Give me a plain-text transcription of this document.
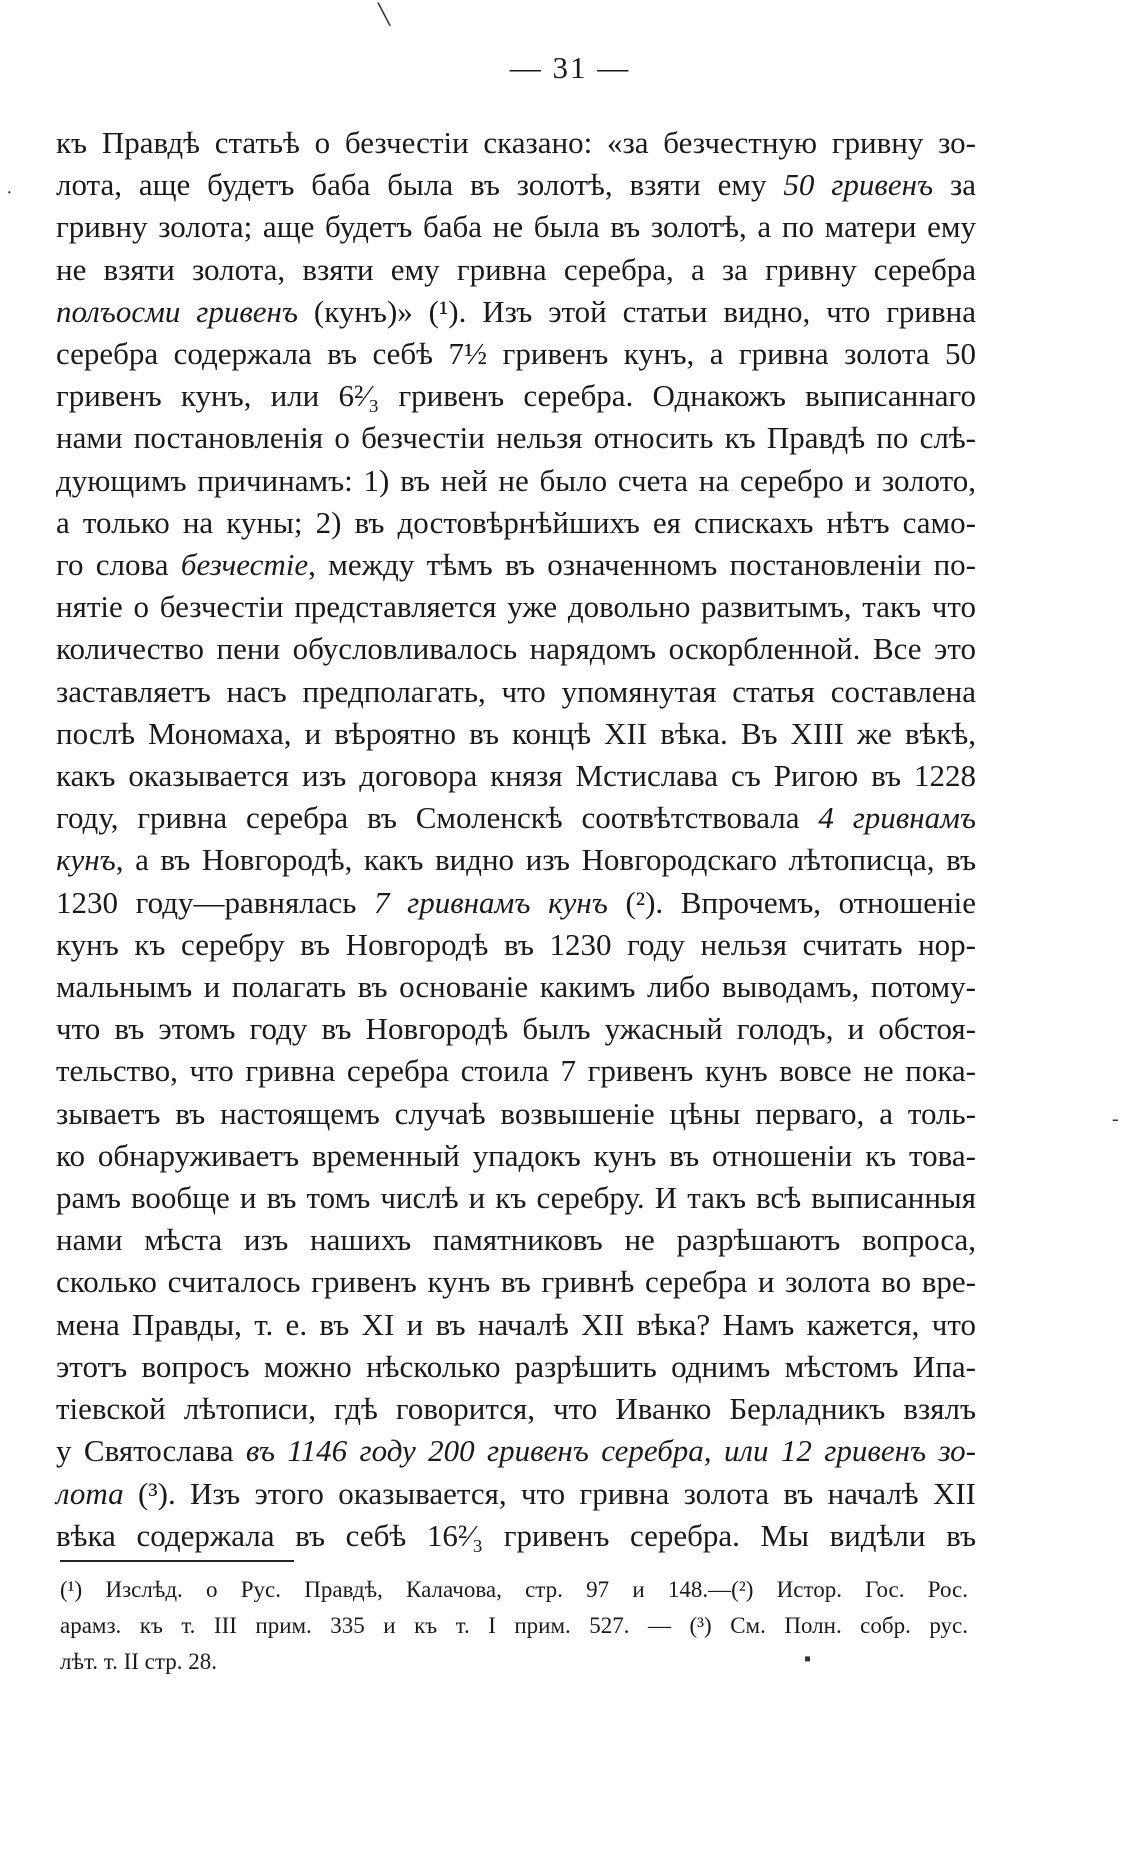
— 31 —
╲
·
-
▪
къ Правдѣ статьѣ о безчестіи сказано: «за безчестную гривну зо-
лота, аще будетъ баба была въ золотѣ, взяти ему 50 гривенъ за
гривну золота; аще будетъ баба не была въ золотѣ, а по матери ему
не взяти золота, взяти ему гривна серебра, а за гривну серебра
полъосми гривенъ (кунъ)» (¹). Изъ этой статьи видно, что гривна
серебра содержала въ себѣ 7½ гривенъ кунъ, а гривна золота 50
гривенъ кунъ, или 6²⁄₃ гривенъ серебра. Однакожъ выписаннаго
нами постановленія о безчестіи нельзя относить къ Правдѣ по слѣ-
дующимъ причинамъ: 1) въ ней не было счета на серебро и золото,
а только на куны; 2) въ достовѣрнѣйшихъ ея спискахъ нѣтъ само-
го слова безчестіе, между тѣмъ въ означенномъ постановленіи по-
нятіе о безчестіи представляется уже довольно развитымъ, такъ что
количество пени обусловливалось нарядомъ оскорбленной. Все это
заставляетъ насъ предполагать, что упомянутая статья составлена
послѣ Мономаха, и вѣроятно въ концѣ XII вѣка. Въ XIII же вѣкѣ,
какъ оказывается изъ договора князя Мстислава съ Ригою въ 1228
году, гривна серебра въ Смоленскѣ соотвѣтствовала 4 гривнамъ
кунъ, а въ Новгородѣ, какъ видно изъ Новгородскаго лѣтописца, въ
1230 году—равнялась 7 гривнамъ кунъ (²). Впрочемъ, отношеніе
кунъ къ серебру въ Новгородѣ въ 1230 году нельзя считать нор-
мальнымъ и полагать въ основаніе какимъ либо выводамъ, потому-
что въ этомъ году въ Новгородѣ былъ ужасный голодъ, и обстоя-
тельство, что гривна серебра стоила 7 гривенъ кунъ вовсе не пока-
зываетъ въ настоящемъ случаѣ возвышеніе цѣны перваго, а толь-
ко обнаруживаетъ временный упадокъ кунъ въ отношеніи къ това-
рамъ вообще и въ томъ числѣ и къ серебру. И такъ всѣ выписанныя
нами мѣста изъ нашихъ памятниковъ не разрѣшаютъ вопроса,
сколько считалось гривенъ кунъ въ гривнѣ серебра и золота во вре-
мена Правды, т. е. въ XI и въ началѣ XII вѣка? Намъ кажется, что
этотъ вопросъ можно нѣсколько разрѣшить однимъ мѣстомъ Ипа-
тіевской лѣтописи, гдѣ говорится, что Иванко Берладникъ взялъ
у Святослава въ 1146 году 200 гривенъ серебра, или 12 гривенъ зо-
лота (³). Изъ этого оказывается, что гривна золота въ началѣ XII
вѣка содержала въ себѣ 16²⁄₃ гривенъ серебра. Мы видѣли въ
(¹) Изслѣд. о Рус. Правдѣ, Калачова, стр. 97 и 148.—(²) Истор. Гос. Рос.
арамз. къ т. III прим. 335 и къ т. I прим. 527. — (³) См. Полн. собр. рус.
лѣт. т. II стр. 28.
